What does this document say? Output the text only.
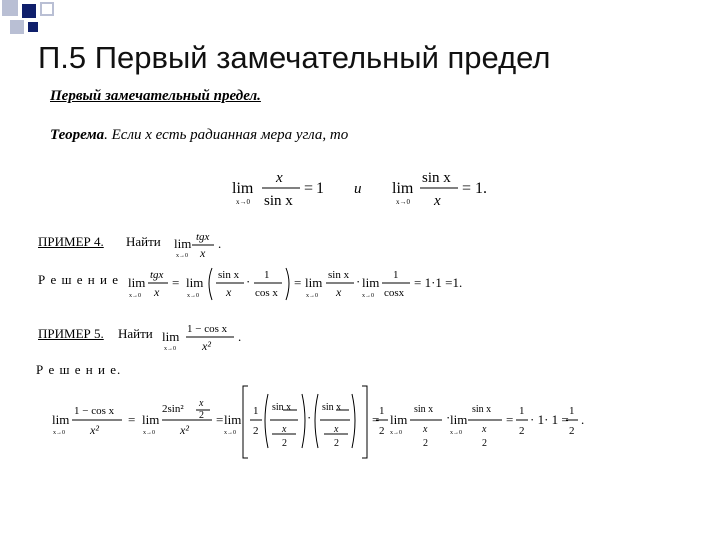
П.5 Первый замечательный предел
Первый замечательный предел.
Теорема. Если x есть радианная мера угла, то
ПРИМЕР 4. Найти
Р е ш е н и е
ПРИМЕР 5. Найти
Р е ш е н и е.
lim
x→0
x
sin x
= 1 и lim
x→0
sin x
x
= 1 .
lim
x→0
tgx
x
.
lim
x→0
tgx
x
= lim
x→0
sin x
x
· 1
cos x
= lim
x→0
sin x
x
· lim
x→0
1
cosx
= 1·1 =1.
lim
x→0
1 − cos x
x²
.
lim
x→0
1 − cos x
x²
= lim
x→0
2sin² x
2
x²
= lim
x→0
1
2
sin x
x
2
·
sin x
x
2
=
1
2
lim
x→0
sin x
x
2
· lim
x→0
sin x
x
2
=
1
2
· 1· 1 =
1
2
.
